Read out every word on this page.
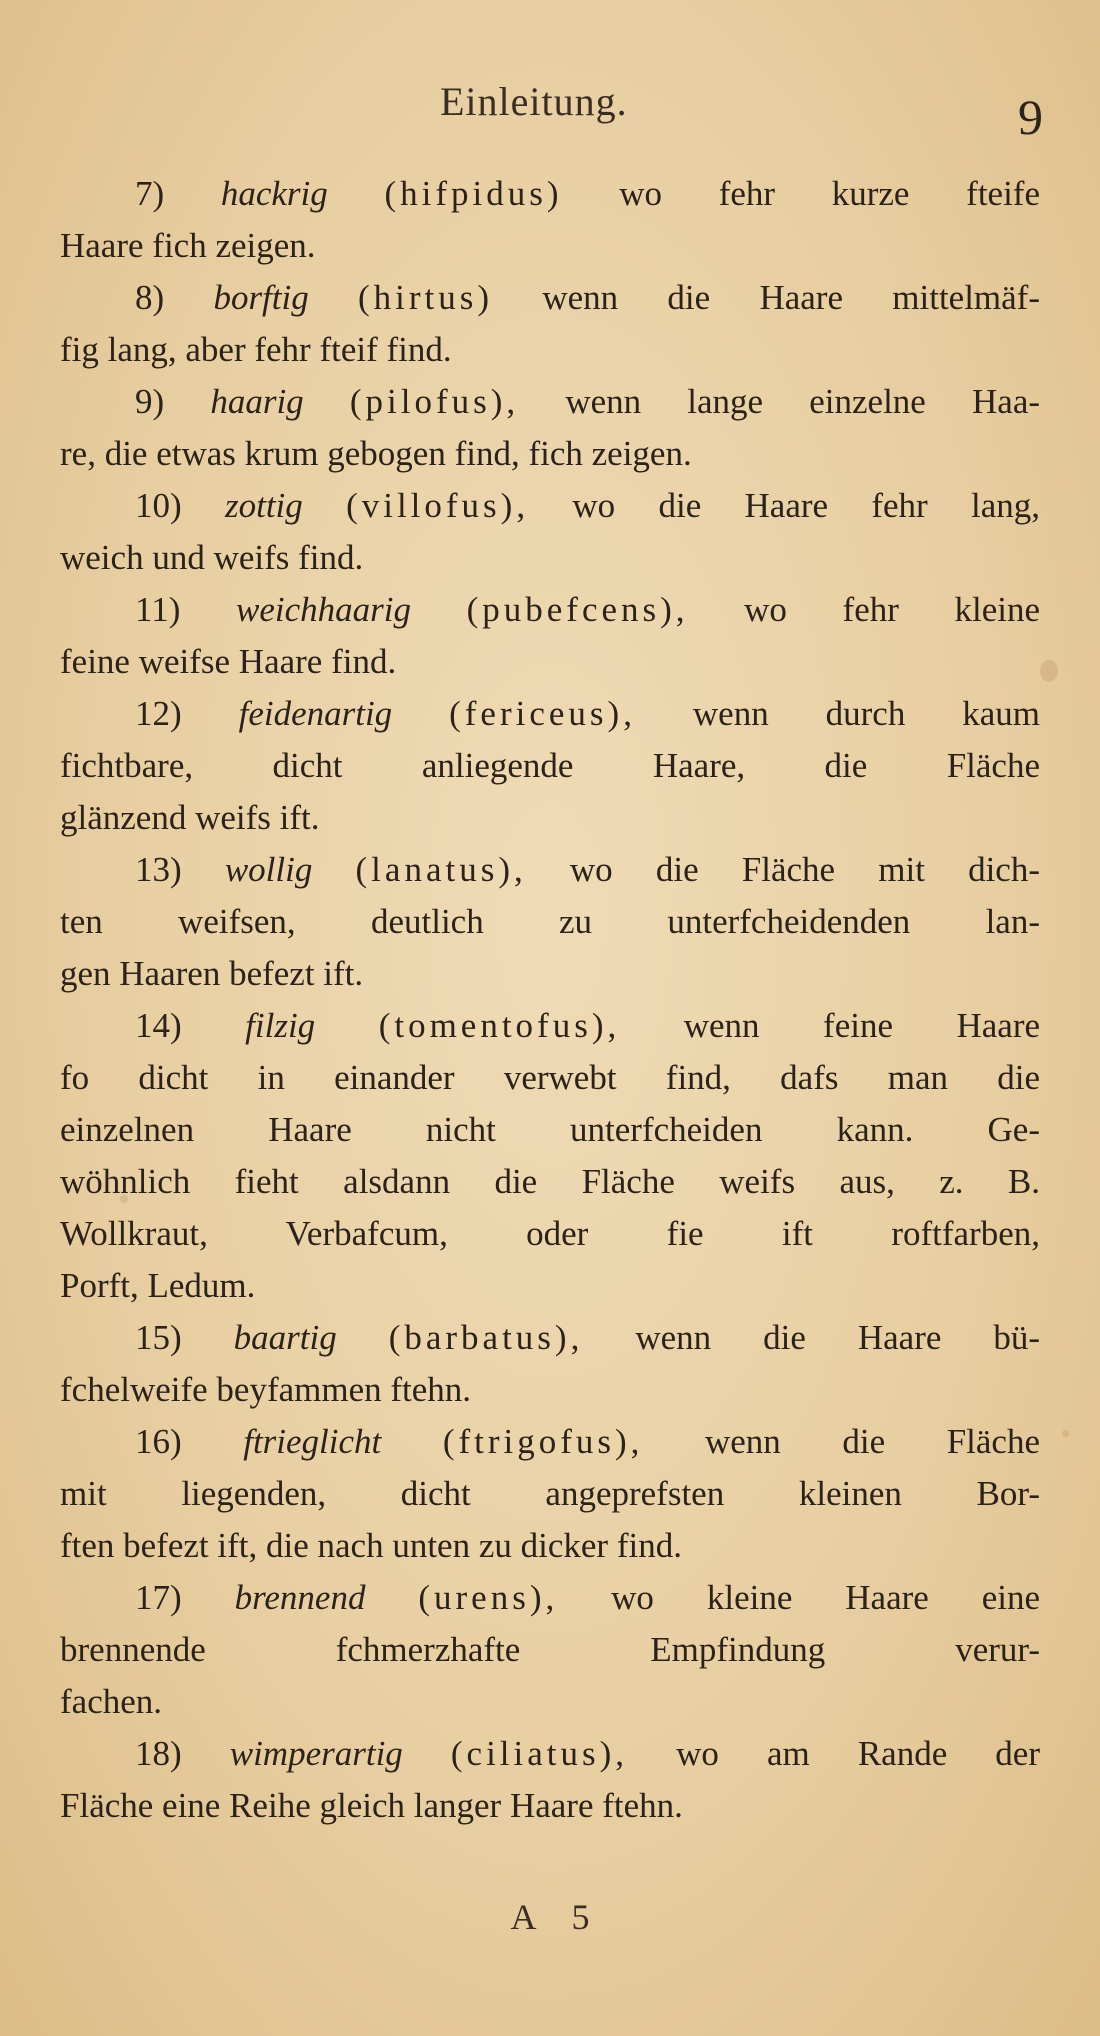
Einleitung.	9
7) hackrig (hifpidus) wo fehr kurze fteife
Haare fich zeigen.
8) borftig (hirtus) wenn die Haare mittelmäf-
fig lang, aber fehr fteif find.
9) haarig (pilofus), wenn lange einzelne Haa-
re, die etwas krum gebogen find, fich zeigen.
10) zottig (villofus), wo die Haare fehr lang,
weich und weifs find.
11) weichhaarig (pubefcens), wo fehr kleine
feine weifse Haare find.
12) feidenartig (fericeus), wenn durch kaum
fichtbare, dicht anliegende Haare, die Fläche
glänzend weifs ift.
13) wollig (lanatus), wo die Fläche mit dich-
ten weifsen, deutlich zu unterfcheidenden lan-
gen Haaren befezt ift.
14) filzig (tomentofus), wenn feine Haare
fo dicht in einander verwebt find, dafs man die
einzelnen Haare nicht unterfcheiden kann. Ge-
wöhnlich fieht alsdann die Fläche weifs aus, z. B.
Wollkraut, Verbafcum, oder fie ift roftfarben,
Porft, Ledum.
15) baartig (barbatus), wenn die Haare bü-
fchelweife beyfammen ftehn.
16) ftrieglicht (ftrigofus), wenn die Fläche
mit liegenden, dicht angeprefsten kleinen Bor-
ften befezt ift, die nach unten zu dicker find.
17) brennend (urens), wo kleine Haare eine
brennende fchmerzhafte Empfindung verur-
fachen.
18) wimperartig (ciliatus), wo am Rande der
Fläche eine Reihe gleich langer Haare ftehn.
A 5
